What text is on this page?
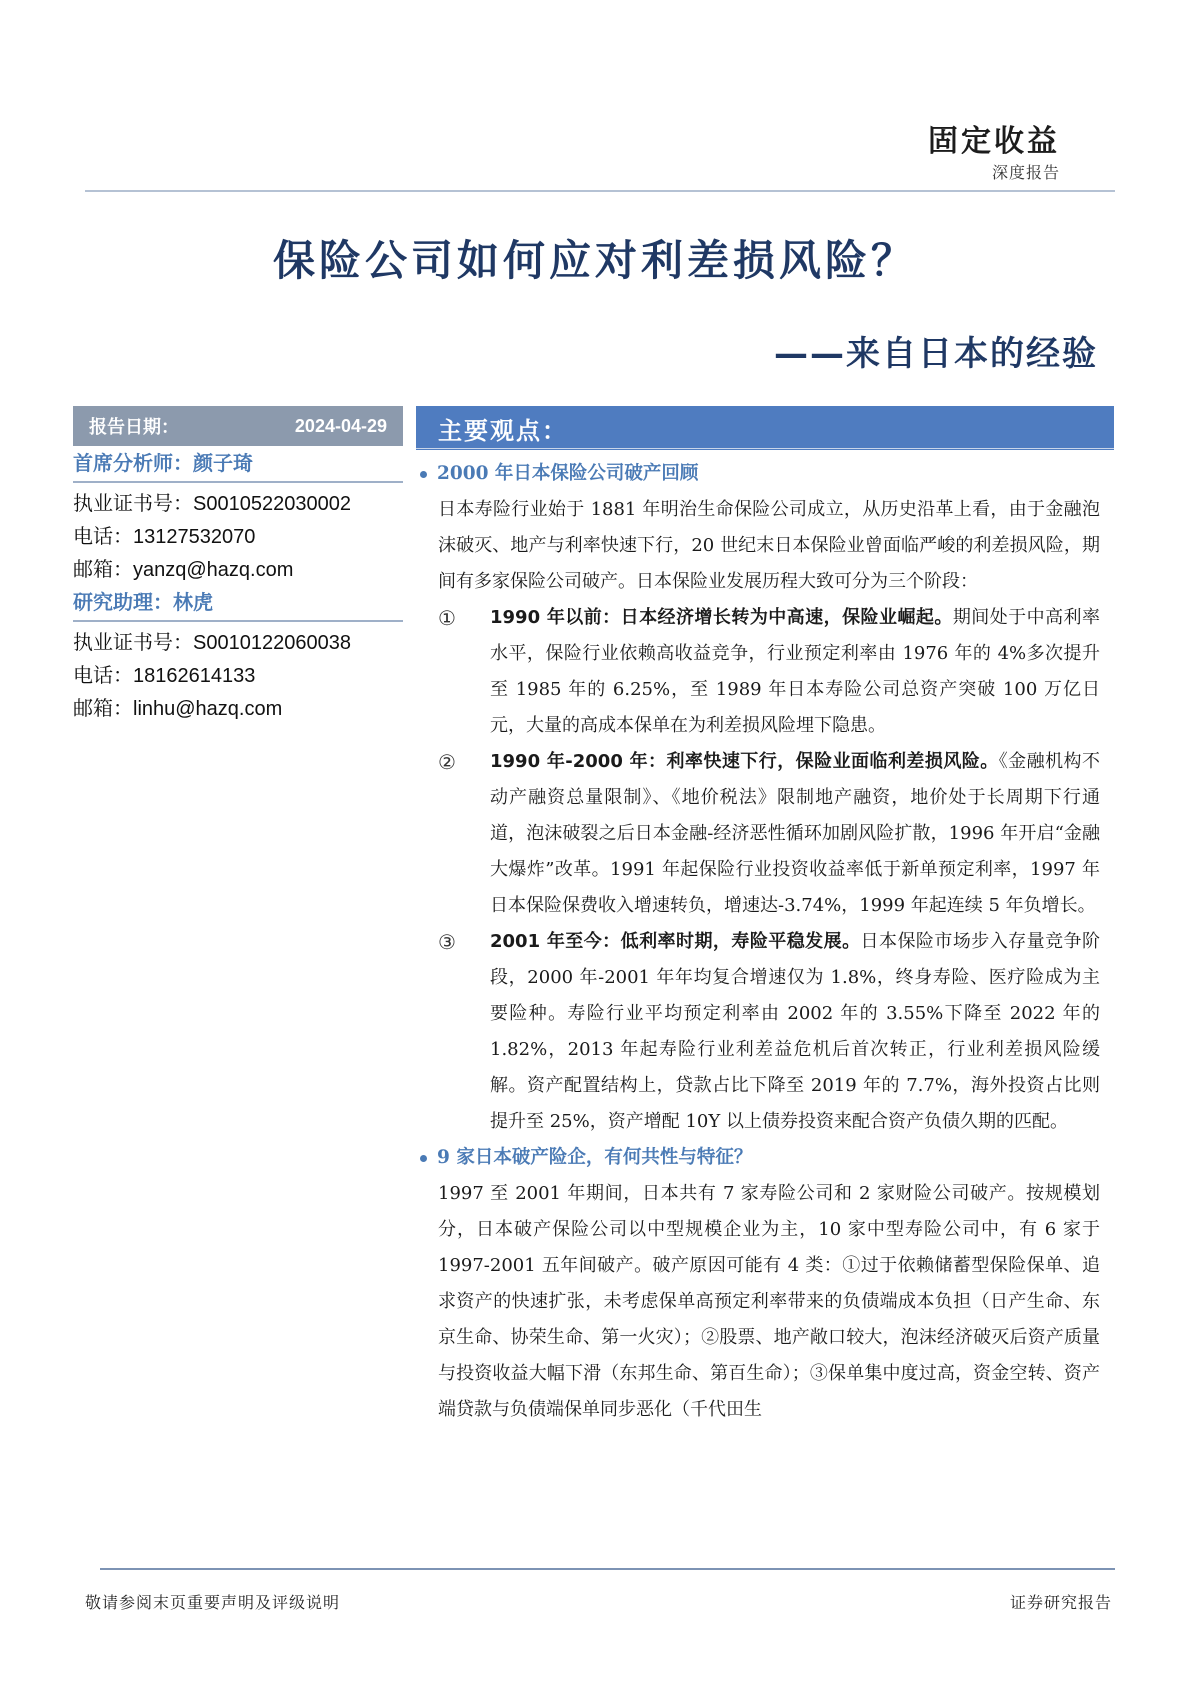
固定收益
深度报告
保险公司如何应对利差损风险？
——来自日本的经验
报告日期：	2024-04-29
首席分析师：颜子琦
执业证书号：S0010522030002
电话：13127532070
邮箱：yanzq@hazq.com
研究助理：林虎
执业证书号：S0010122060038
电话：18162614133
邮箱：linhu@hazq.com
主要观点：
2000 年日本保险公司破产回顾
日本寿险行业始于 1881 年明治生命保险公司成立，从历史沿革上看，由于金融泡沫破灭、地产与利率快速下行，20 世纪末日本保险业曾面临严峻的利差损风险，期间有多家保险公司破产。日本保险业发展历程大致可分为三个阶段：
①	1990 年以前：日本经济增长转为中高速，保险业崛起。期间处于中高利率水平，保险行业依赖高收益竞争，行业预定利率由 1976 年的 4%多次提升至 1985 年的 6.25%，至 1989 年日本寿险公司总资产突破 100 万亿日元，大量的高成本保单在为利差损风险埋下隐患。
②	1990 年-2000 年：利率快速下行，保险业面临利差损风险。《金融机构不动产融资总量限制》、《地价税法》限制地产融资，地价处于长周期下行通道，泡沫破裂之后日本金融-经济恶性循环加剧风险扩散，1996 年开启“金融大爆炸”改革。1991 年起保险行业投资收益率低于新单预定利率，1997 年日本保险保费收入增速转负，增速达-3.74%，1999 年起连续 5 年负增长。
③	2001 年至今：低利率时期，寿险平稳发展。日本保险市场步入存量竞争阶段，2000 年-2001 年年均复合增速仅为 1.8%，终身寿险、医疗险成为主要险种。寿险行业平均预定利率由 2002 年的 3.55%下降至 2022 年的 1.82%，2013 年起寿险行业利差益危机后首次转正，行业利差损风险缓解。资产配置结构上，贷款占比下降至 2019 年的 7.7%，海外投资占比则提升至 25%，资产增配 10Y 以上债券投资来配合资产负债久期的匹配。
9 家日本破产险企，有何共性与特征？
1997 至 2001 年期间，日本共有 7 家寿险公司和 2 家财险公司破产。按规模划分，日本破产保险公司以中型规模企业为主，10 家中型寿险公司中，有 6 家于 1997-2001 五年间破产。破产原因可能有 4 类：①过于依赖储蓄型保险保单、追求资产的快速扩张，未考虑保单高预定利率带来的负债端成本负担（日产生命、东京生命、协荣生命、第一火灾）；②股票、地产敞口较大，泡沫经济破灭后资产质量与投资收益大幅下滑（东邦生命、第百生命）；③保单集中度过高，资金空转、资产端贷款与负债端保单同步恶化（千代田生
敬请参阅末页重要声明及评级说明	证券研究报告
